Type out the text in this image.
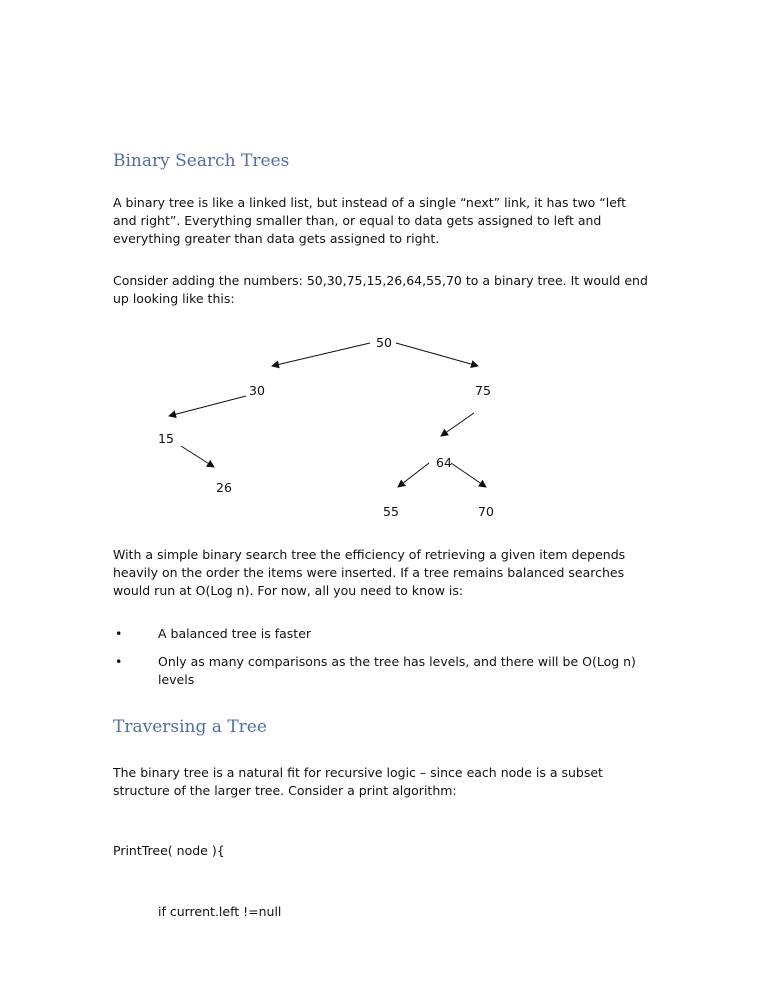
Binary Search Trees

A binary tree is like a linked list, but instead of a single “next” link, it has two “left and right”. Everything smaller than, or equal to data gets assigned to left and everything greater than data gets assigned to right.

Consider adding the numbers: 50,30,75,15,26,64,55,70 to a binary tree. It would end up looking like this:

50
30	75
15
26
64
55	70

With a simple binary search tree the efficiency of retrieving a given item depends heavily on the order the items were inserted. If a tree remains balanced searches would run at O(Log n). For now, all you need to know is:

•	A balanced tree is faster
•	Only as many comparisons as the tree has levels, and there will be O(Log n) levels
Traversing a Tree

The binary tree is a natural fit for recursive logic – since each node is a subset structure of the larger tree. Consider a print algorithm:

PrintTree( node ){

if current.left !=null
